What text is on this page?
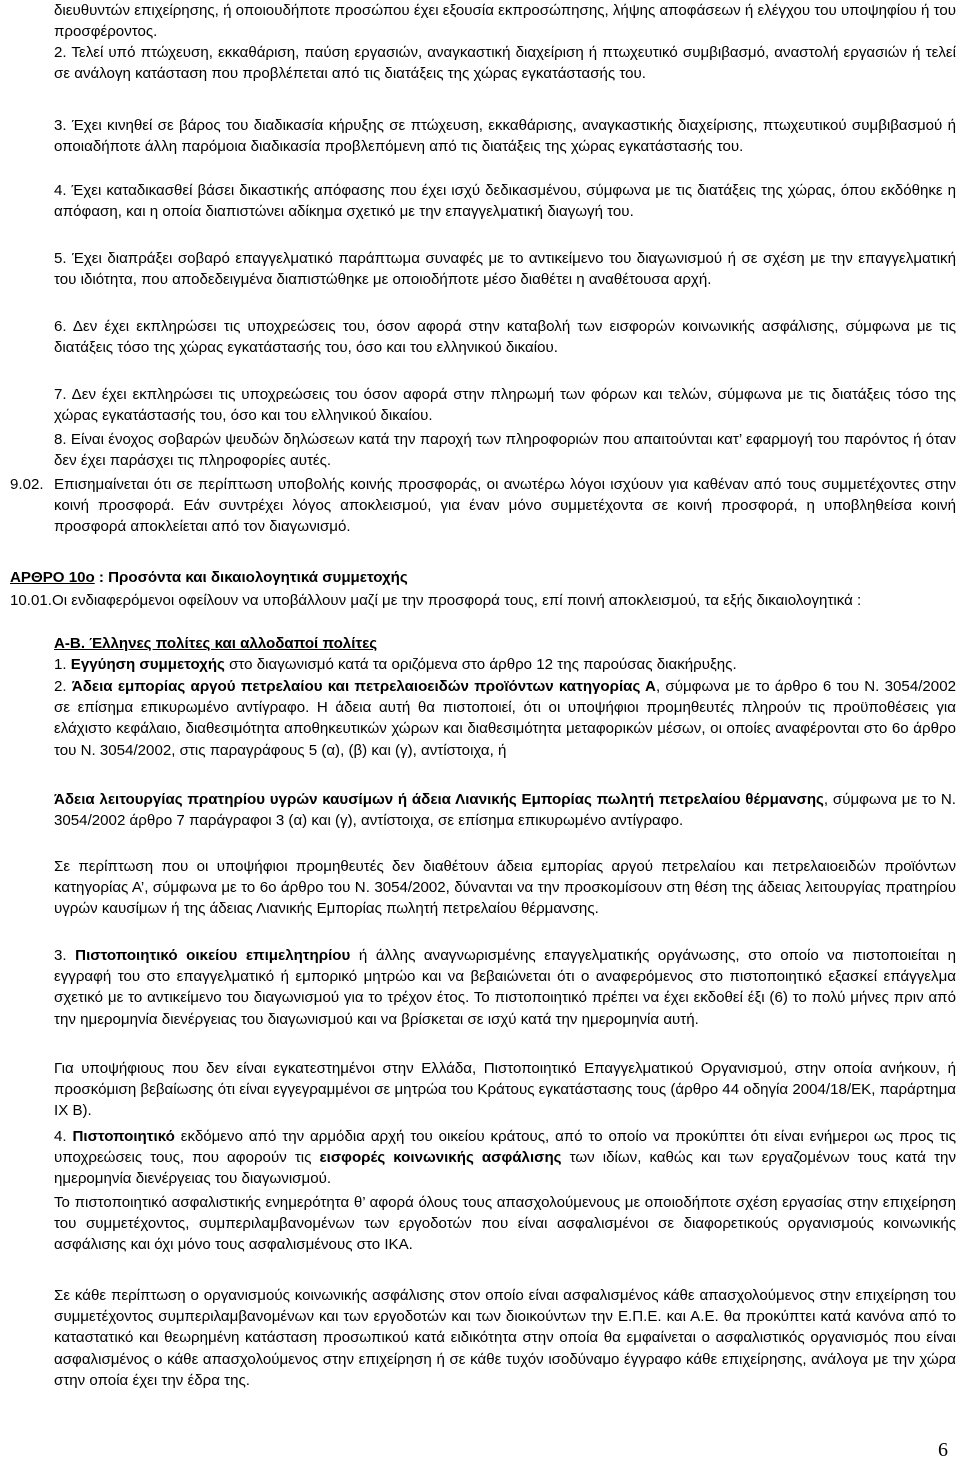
διευθυντών επιχείρησης, ή οποιουδήποτε προσώπου έχει εξουσία εκπροσώπησης, λήψης αποφάσεων ή ελέγχου του υποψηφίου ή του προσφέροντος.

2. Τελεί υπό πτώχευση, εκκαθάριση, παύση εργασιών, αναγκαστική διαχείριση ή πτωχευτικό συμβιβασμό, αναστολή εργασιών ή τελεί σε ανάλογη κατάσταση που προβλέπεται από τις διατάξεις της χώρας εγκατάστασής του.

3. Έχει κινηθεί σε βάρος του διαδικασία κήρυξης σε πτώχευση, εκκαθάρισης, αναγκαστικής διαχείρισης, πτωχευτικού συμβιβασμού ή οποιαδήποτε άλλη παρόμοια διαδικασία προβλεπόμενη από τις διατάξεις της χώρας εγκατάστασής του.

4. Έχει καταδικασθεί βάσει δικαστικής απόφασης που έχει ισχύ δεδικασμένου, σύμφωνα με τις διατάξεις της χώρας, όπου εκδόθηκε η απόφαση, και η οποία διαπιστώνει αδίκημα σχετικό με την επαγγελματική διαγωγή του.

5. Έχει διαπράξει σοβαρό επαγγελματικό παράπτωμα συναφές με το αντικείμενο του διαγωνισμού ή σε σχέση με την επαγγελματική του ιδιότητα, που αποδεδειγμένα διαπιστώθηκε με οποιοδήποτε μέσο διαθέτει η αναθέτουσα αρχή.

6. Δεν έχει εκπληρώσει τις υποχρεώσεις του, όσον αφορά στην καταβολή των εισφορών κοινωνικής ασφάλισης, σύμφωνα με τις διατάξεις τόσο της χώρας εγκατάστασής του, όσο και του ελληνικού δικαίου.

7. Δεν έχει εκπληρώσει τις υποχρεώσεις του όσον αφορά στην πληρωμή των φόρων και τελών, σύμφωνα με τις διατάξεις τόσο της χώρας εγκατάστασής του, όσο και του ελληνικού δικαίου.

8. Είναι ένοχος σοβαρών ψευδών δηλώσεων κατά την παροχή των πληροφοριών που απαιτούνται κατ’ εφαρμογή του παρόντος ή όταν δεν έχει παράσχει τις πληροφορίες αυτές.

9.02. Επισημαίνεται ότι σε περίπτωση υποβολής κοινής προσφοράς, οι ανωτέρω λόγοι ισχύουν για καθέναν από τους συμμετέχοντες στην κοινή προσφορά. Εάν συντρέχει λόγος αποκλεισμού, για έναν μόνο συμμετέχοντα σε κοινή προσφορά, η υποβληθείσα κοινή προσφορά αποκλείεται από τον διαγωνισμό.

ΑΡΘΡΟ 10ο : Προσόντα και δικαιολογητικά συμμετοχής

10.01.Οι ενδιαφερόμενοι οφείλουν να υποβάλλουν μαζί με την προσφορά τους, επί ποινή αποκλεισμού, τα εξής δικαιολογητικά :

Α-Β. Έλληνες πολίτες και αλλοδαποί πολίτες

1. Εγγύηση συμμετοχής στο διαγωνισμό κατά τα οριζόμενα στο άρθρο 12 της παρούσας διακήρυξης.

2. Άδεια εμπορίας αργού πετρελαίου και πετρελαιοειδών προϊόντων κατηγορίας Α, σύμφωνα με το άρθρο 6 του Ν. 3054/2002 σε επίσημα επικυρωμένο αντίγραφο. Η άδεια αυτή θα πιστοποιεί, ότι οι υποψήφιοι προμηθευτές πληρούν τις προϋποθέσεις για ελάχιστο κεφάλαιο, διαθεσιμότητα αποθηκευτικών χώρων και διαθεσιμότητα μεταφορικών μέσων, οι οποίες αναφέρονται στο 6ο άρθρο του Ν. 3054/2002, στις παραγράφους 5 (α), (β) και (γ), αντίστοιχα, ή

Άδεια λειτουργίας πρατηρίου υγρών καυσίμων ή άδεια Λιανικής Εμπορίας πωλητή πετρελαίου θέρμανσης, σύμφωνα με το Ν. 3054/2002 άρθρο 7 παράγραφοι 3 (α) και (γ), αντίστοιχα, σε επίσημα επικυρωμένο αντίγραφο.

Σε περίπτωση που οι υποψήφιοι προμηθευτές δεν διαθέτουν άδεια εμπορίας αργού πετρελαίου και πετρελαιοειδών προϊόντων κατηγορίας Α’, σύμφωνα με το 6ο άρθρο του Ν. 3054/2002, δύνανται να την προσκομίσουν στη θέση της άδειας λειτουργίας πρατηρίου υγρών καυσίμων ή της άδειας Λιανικής Εμπορίας πωλητή πετρελαίου θέρμανσης.

3. Πιστοποιητικό οικείου επιμελητηρίου ή άλλης αναγνωρισμένης επαγγελματικής οργάνωσης, στο οποίο να πιστοποιείται η εγγραφή του στο επαγγελματικό ή εμπορικό μητρώο και να βεβαιώνεται ότι ο αναφερόμενος στο πιστοποιητικό εξασκεί επάγγελμα σχετικό με το αντικείμενο του διαγωνισμού για το τρέχον έτος. Το πιστοποιητικό πρέπει να έχει εκδοθεί έξι (6) το πολύ μήνες πριν από την ημερομηνία διενέργειας του διαγωνισμού και να βρίσκεται σε ισχύ κατά την ημερομηνία αυτή.

Για υποψήφιους που δεν είναι εγκατεστημένοι στην Ελλάδα, Πιστοποιητικό Επαγγελματικού Οργανισμού, στην οποία ανήκουν, ή προσκόμιση βεβαίωσης ότι είναι εγγεγραμμένοι σε μητρώα του Κράτους εγκατάστασης τους (άρθρο 44 οδηγία 2004/18/ΕΚ, παράρτημα ΙΧ Β).

4. Πιστοποιητικό εκδόμενο από την αρμόδια αρχή του οικείου κράτους, από το οποίο να προκύπτει ότι είναι ενήμεροι ως προς τις υποχρεώσεις τους, που αφορούν τις εισφορές κοινωνικής ασφάλισης των ιδίων, καθώς και των εργαζομένων τους κατά την ημερομηνία διενέργειας του διαγωνισμού.

Το πιστοποιητικό ασφαλιστικής ενημερότητα θ’ αφορά όλους τους απασχολούμενους με οποιοδήποτε σχέση εργασίας στην επιχείρηση του συμμετέχοντος, συμπεριλαμβανομένων των εργοδοτών που είναι ασφαλισμένοι σε διαφορετικούς οργανισμούς κοινωνικής ασφάλισης και όχι μόνο τους ασφαλισμένους στο ΙΚΑ.

Σε κάθε περίπτωση ο οργανισμούς κοινωνικής ασφάλισης στον οποίο είναι ασφαλισμένος κάθε απασχολούμενος στην επιχείρηση του συμμετέχοντος συμπεριλαμβανομένων και των εργοδοτών και των διοικούντων την Ε.Π.Ε. και Α.Ε. θα προκύπτει κατά κανόνα από το καταστατικό και θεωρημένη κατάσταση προσωπικού κατά ειδικότητα στην οποία θα εμφαίνεται ο ασφαλιστικός οργανισμός που είναι ασφαλισμένος ο κάθε απασχολούμενος στην επιχείρηση ή σε κάθε τυχόν ισοδύναμο έγγραφο κάθε επιχείρησης, ανάλογα με την χώρα στην οποία έχει την έδρα της.

6
